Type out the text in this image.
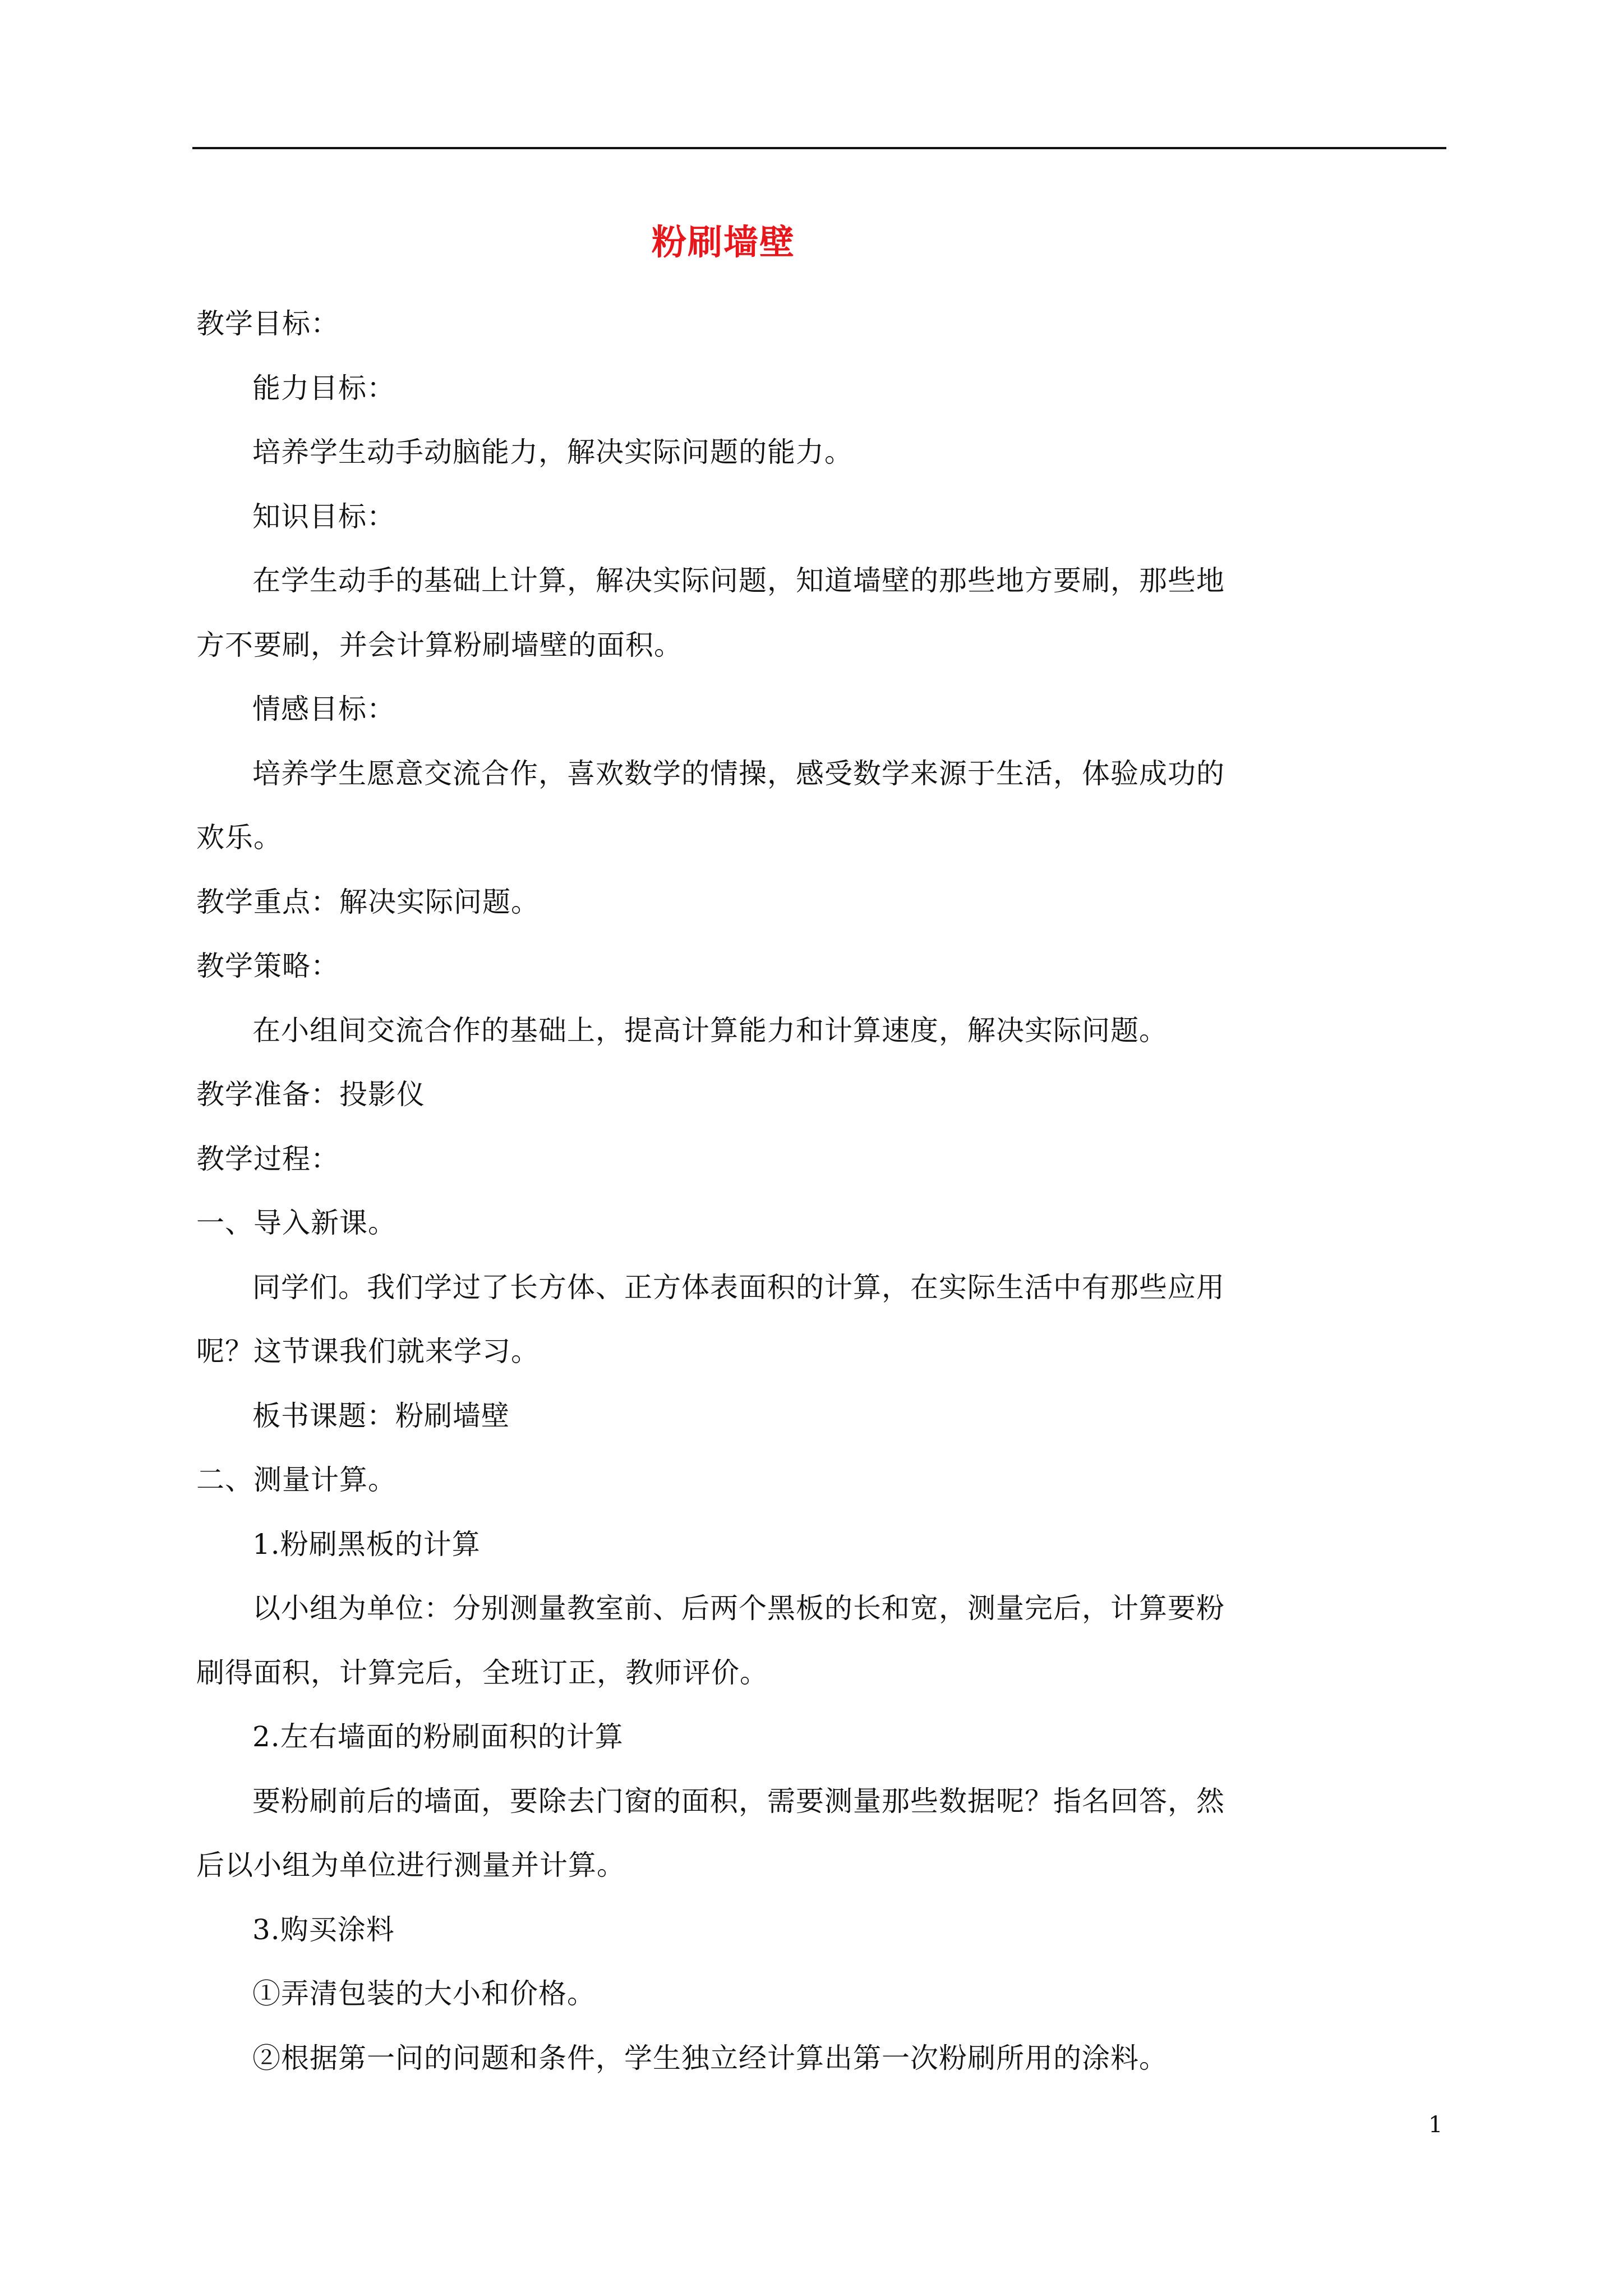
粉刷墙壁
教学目标：
能力目标：
培养学生动手动脑能力，解决实际问题的能力。
知识目标：
在学生动手的基础上计算，解决实际问题，知道墙壁的那些地方要刷，那些地
方不要刷，并会计算粉刷墙壁的面积。
情感目标：
培养学生愿意交流合作，喜欢数学的情操，感受数学来源于生活，体验成功的
欢乐。
教学重点：解决实际问题。
教学策略：
在小组间交流合作的基础上，提高计算能力和计算速度，解决实际问题。
教学准备：投影仪
教学过程：
一、导入新课。
同学们。我们学过了长方体、正方体表面积的计算，在实际生活中有那些应用
呢？这节课我们就来学习。
板书课题：粉刷墙壁
二、测量计算。
1.粉刷黑板的计算
以小组为单位：分别测量教室前、后两个黑板的长和宽，测量完后，计算要粉
刷得面积，计算完后，全班订正，教师评价。
2.左右墙面的粉刷面积的计算
要粉刷前后的墙面，要除去门窗的面积，需要测量那些数据呢？指名回答，然
后以小组为单位进行测量并计算。
3.购买涂料
①弄清包装的大小和价格。
②根据第一问的问题和条件，学生独立经计算出第一次粉刷所用的涂料。
1
